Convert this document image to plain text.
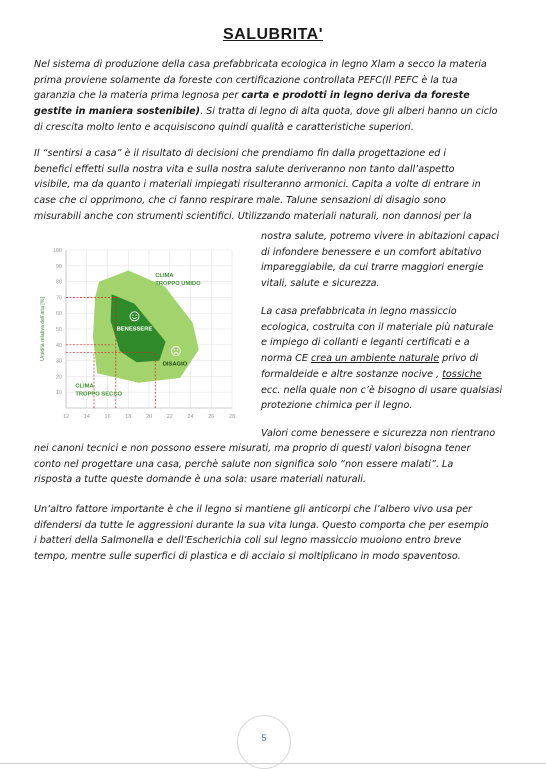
SALUBRITA'
Nel sistema di produzione della casa prefabbricata ecologica in legno Xlam a secco la materia
prima proviene solamente da foreste con certificazione controllata PEFC(Il PEFC è la tua
garanzia che la materia prima legnosa per carta e prodotti in legno deriva da foreste
gestite in maniera sostenibile). Si tratta di legno di alta quota, dove gli alberi hanno un ciclo
di crescita molto lento e acquisiscono quindi qualità e caratteristiche superiori.
Il “sentirsi a casa” è il risultato di decisioni che prendiamo fin dalla progettazione ed i
benefici effetti sulla nostra vita e sulla nostra salute deriveranno non tanto dall’aspetto
visibile, ma da quanto i materiali impiegati risulteranno armonici. Capita a volte di entrare in
case che ci opprimono, che ci fanno respirare male. Talune sensazioni di disagio sono
misurabili anche con strumenti scientifici. Utilizzando materiali naturali, non dannosi per la
10
20
30
40
50
60
70
80
90
100
12	14	16	18	20	22	24	26	28
Umidità relativa dell'aria [%]
CLIMA
TROPPO UMIDO
BENESSERE
DISAGIO
CLIMA
TROPPO SECCO
nostra salute, potremo vivere in abitazioni capaci
di infondere benessere e un comfort abitativo
impareggiabile, da cui trarre maggiori energie
vitali, salute e sicurezza.
La casa prefabbricata in legno massiccio
ecologica, costruita con il materiale più naturale
e impiego di collanti e leganti certificati e a
norma CE crea un ambiente naturale privo di
formaldeide e altre sostanze nocive , tossiche
ecc. nella quale non c’è bisogno di usare qualsiasi
protezione chimica per il legno.
Valori come benessere e sicurezza non rientrano
nei canoni tecnici e non possono essere misurati, ma proprio di questi valori bisogna tener
conto nel progettare una casa, perchè salute non significa solo “non essere malati”. La
risposta a tutte queste domande è una sola: usare materiali naturali.
Un’altro fattore importante è che il legno si mantiene gli anticorpi che l’albero vivo usa per
difendersi da tutte le aggressioni durante la sua vita lunga. Questo comporta che per esempio
i batteri della Salmonella e dell’Escherichia coli sul legno massiccio muoiono entro breve
tempo, mentre sulle superfici di plastica e di acciaio si moltiplicano in modo spaventoso.
5
